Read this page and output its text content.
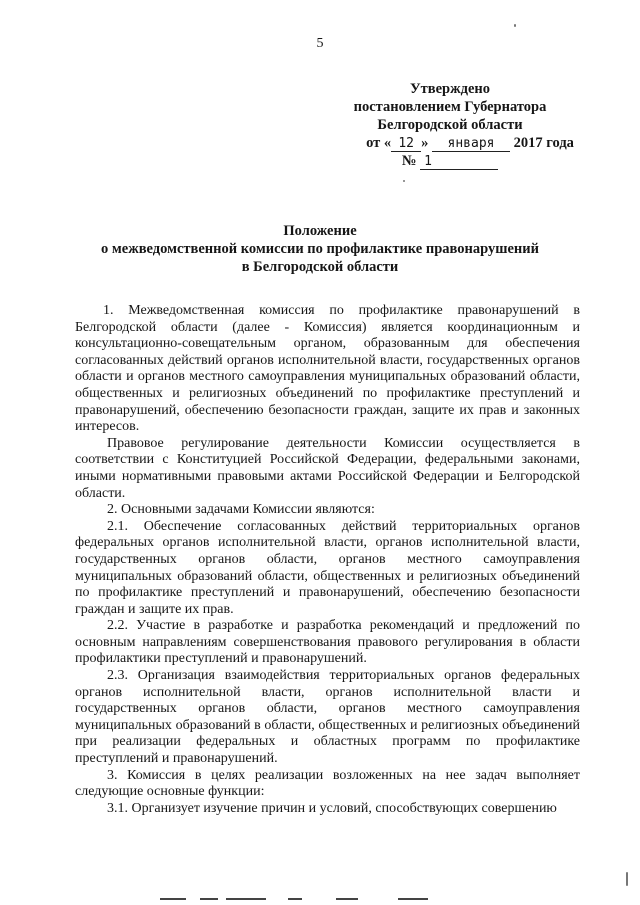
5
Утверждено
постановлением Губернатора
Белгородской области
от « 12 » января 2017 года
№ 1
Положение
о межведомственной комиссии по профилактике правонарушений
в Белгородской области

1. Межведомственная комиссия по профилактике правонарушений в Белгородской области (далее - Комиссия) является координационным и консультационно-совещательным органом, образованным для обеспечения согласованных действий органов исполнительной власти, государственных органов области и органов местного самоуправления муниципальных образований области, общественных и религиозных объединений по профилактике преступлений и правонарушений, обеспечению безопасности граждан, защите их прав и законных интересов.

Правовое регулирование деятельности Комиссии осуществляется в соответствии с Конституцией Российской Федерации, федеральными законами, иными нормативными правовыми актами Российской Федерации и Белгородской области.

2. Основными задачами Комиссии являются:

2.1. Обеспечение согласованных действий территориальных органов федеральных органов исполнительной власти, органов исполнительной власти, государственных органов области, органов местного самоуправления муниципальных образований области, общественных и религиозных объединений по профилактике преступлений и правонарушений, обеспечению безопасности граждан и защите их прав.

2.2. Участие в разработке и разработка рекомендаций и предложений по основным направлениям совершенствования правового регулирования в области профилактики преступлений и правонарушений.

2.3. Организация взаимодействия территориальных органов федеральных органов исполнительной власти, органов исполнительной власти и государственных органов области, органов местного самоуправления муниципальных образований в области, общественных и религиозных объединений при реализации федеральных и областных программ по профилактике преступлений и правонарушений.

3. Комиссия в целях реализации возложенных на нее задач выполняет следующие основные функции:

3.1. Организует изучение причин и условий, способствующих совершению
